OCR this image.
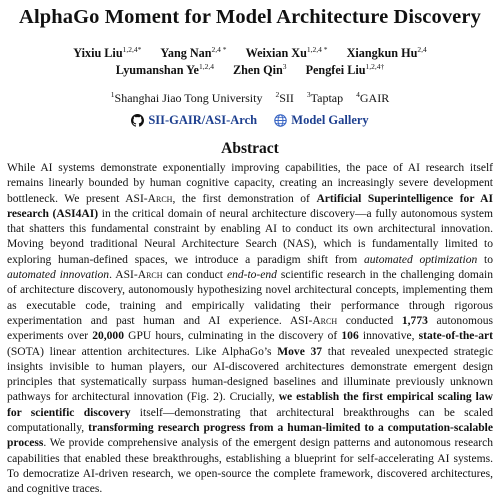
AlphaGo Moment for Model Architecture Discovery
Yixiu Liu$^{1,2,4*}$ Yang Nan$^{2,4 *}$ Weixian $Xu^{1,2,4 *}$ Xiangkun Hu$^{2,4}$
Lyumanshan Ye$^{1,2,4}$ Zhen Qin$^3$ Pengfei Liu$^{1,2,4\dagger}$
$^1$Shanghai Jiao Tong University $^2$SII $^3$Taptap $^4$GAIR
SII-GAIR/ASI-Arch
	Model Gallery
Abstract
While AI systems demonstrate exponentially improving capabilities, the pace of AI research itself remains linearly bounded by human cognitive capacity, creating an increasingly severe development bottleneck. We present ASI-Arch, the first demonstration of Artificial Superintelligence for AI research (ASI4AI) in the critical domain of neural architecture discovery—a fully autonomous system that shatters this fundamental constraint by enabling AI to conduct its own architectural innovation. Moving beyond traditional Neural Architecture Search (NAS), which is fundamentally limited to exploring human-defined spaces, we introduce a paradigm shift from automated optimization to automated innovation. ASI-Arch can conduct end-to-end scientific research in the challenging domain of architecture discovery, autonomously hypothesizing novel architectural concepts, implementing them as executable code, training and empirically validating their performance through rigorous experimentation and past human and AI experience. ASI-Arch conducted 1,773 autonomous experiments over 20,000 GPU hours, culminating in the discovery of 106 innovative, state-of-the-art (SOTA) linear attention architectures. Like AlphaGo’s Move 37 that revealed unexpected strategic insights invisible to human players, our AI-discovered architectures demonstrate emergent design principles that systematically surpass human-designed baselines and illuminate previously unknown pathways for architectural innovation (Fig. 2). Crucially, we establish the first empirical scaling law for scientific discovery itself—demonstrating that architectural breakthroughs can be scaled computationally, transforming research progress from a human-limited to a computation-scalable process. We provide comprehensive analysis of the emergent design patterns and autonomous research capabilities that enabled these breakthroughs, establishing a blueprint for self-accelerating AI systems. To democratize AI-driven research, we open-source the complete framework, discovered architectures, and cognitive traces.
